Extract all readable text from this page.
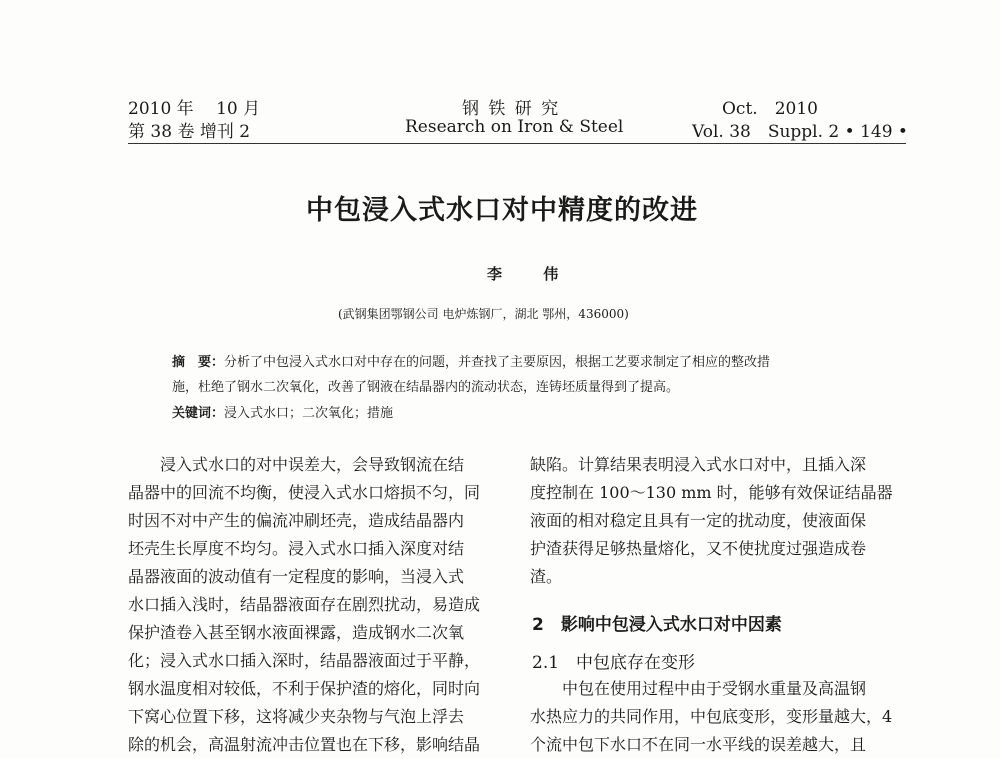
2010 年　 10 月
第 38 卷 增刊 2
钢 铁 研 究
Research on Iron & Steel
Oct.　2010
Vol. 38　Suppl. 2 • 149 •
中包浸入式水口对中精度的改进
李 伟
(武钢集团鄂钢公司 电炉炼钢厂，湖北 鄂州，436000)
摘　要：分析了中包浸入式水口对中存在的问题，并查找了主要原因，根据工艺要求制定了相应的整改措
施，杜绝了钢水二次氧化，改善了钢液在结晶器内的流动状态，连铸坯质量得到了提高。
关键词：浸入式水口；二次氧化；措施

　　浸入式水口的对中误差大，会导致钢流在结

晶器中的回流不均衡，使浸入式水口熔损不匀，同

时因不对中产生的偏流冲刷坯壳，造成结晶器内

坯壳生长厚度不均匀。浸入式水口插入深度对结

晶器液面的波动值有一定程度的影响，当浸入式

水口插入浅时，结晶器液面存在剧烈扰动，易造成

保护渣卷入甚至钢水液面裸露，造成钢水二次氧

化；浸入式水口插入深时，结晶器液面过于平静，

钢水温度相对较低，不利于保护渣的熔化，同时向

下窝心位置下移，这将减少夹杂物与气泡上浮去

除的机会，高温射流冲击位置也在下移，影响结晶

缺陷。计算结果表明浸入式水口对中，且插入深

度控制在 100～130 mm 时，能够有效保证结晶器

液面的相对稳定且具有一定的扰动度，使液面保

护渣获得足够热量熔化，又不使扰度过强造成卷

渣。

2　影响中包浸入式水口对中因素
2.1　中包底存在变形

　　中包在使用过程中由于受钢水重量及高温钢

水热应力的共同作用，中包底变形，变形量越大，4

个流中包下水口不在同一水平线的误差越大，且
